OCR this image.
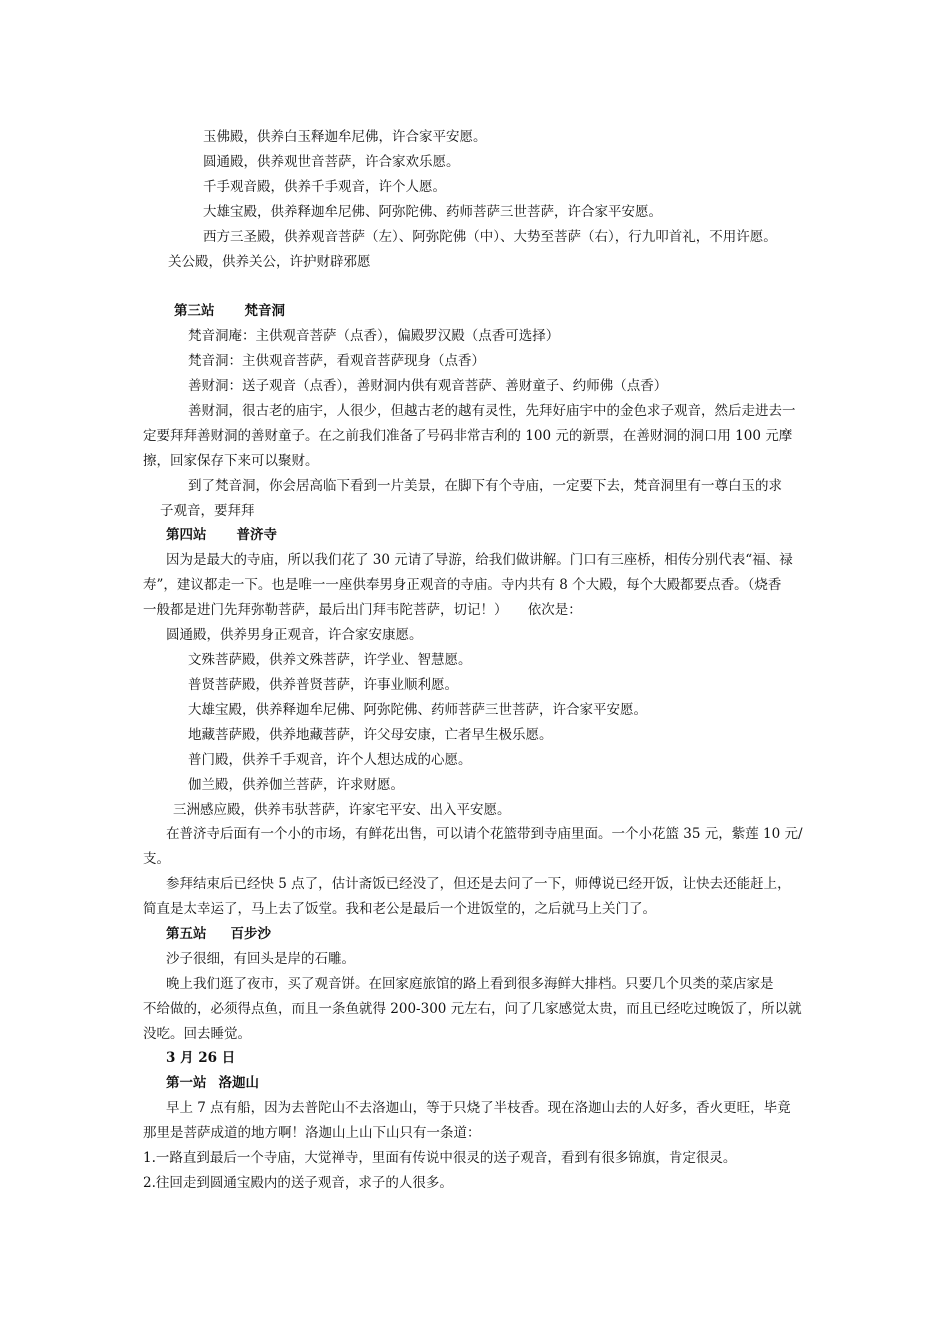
玉佛殿，供养白玉释迦牟尼佛，许合家平安愿。
圆通殿，供养观世音菩萨，许合家欢乐愿。
千手观音殿，供养千手观音，许个人愿。
大雄宝殿，供养释迦牟尼佛、阿弥陀佛、药师菩萨三世菩萨，许合家平安愿。
西方三圣殿，供养观音菩萨（左）、阿弥陀佛（中）、大势至菩萨（右），行九叩首礼，不用许愿。
关公殿，供养关公，许护财辟邪愿
第三站 梵音洞
梵音洞庵：主供观音菩萨（点香），偏殿罗汉殿（点香可选择）
梵音洞：主供观音菩萨，看观音菩萨现身（点香）
善财洞：送子观音（点香），善财洞内供有观音菩萨、善财童子、约师佛（点香）
善财洞，很古老的庙宇，人很少，但越古老的越有灵性，先拜好庙宇中的金色求子观音，然后走进去一
定要拜拜善财洞的善财童子。在之前我们准备了号码非常吉利的 100 元的新票，在善财洞的洞口用 100 元摩
擦，回家保存下来可以聚财。
到了梵音洞，你会居高临下看到一片美景，在脚下有个寺庙，一定要下去，梵音洞里有一尊白玉的求
子观音，要拜拜
第四站 普济寺
因为是最大的寺庙，所以我们花了 30 元请了导游，给我们做讲解。门口有三座桥，相传分别代表“福、禄
寿”，建议都走一下。也是唯一一座供奉男身正观音的寺庙。寺内共有 8 个大殿，每个大殿都要点香。（烧香
一般都是进门先拜弥勒菩萨，最后出门拜韦陀菩萨，切记！）　　依次是：
圆通殿，供养男身正观音，许合家安康愿。
文殊菩萨殿，供养文殊菩萨，许学业、智慧愿。
普贤菩萨殿，供养普贤菩萨，许事业顺利愿。
大雄宝殿，供养释迦牟尼佛、阿弥陀佛、药师菩萨三世菩萨，许合家平安愿。
地藏菩萨殿，供养地藏菩萨，许父母安康，亡者早生极乐愿。
普门殿，供养千手观音，许个人想达成的心愿。
伽兰殿，供养伽兰菩萨，许求财愿。
三洲感应殿，供养韦驮菩萨，许家宅平安、出入平安愿。
在普济寺后面有一个小的市场，有鲜花出售，可以请个花篮带到寺庙里面。一个小花篮 35 元，紫莲 10 元/
支。
参拜结束后已经快 5 点了，估计斋饭已经没了，但还是去问了一下，师傅说已经开饭，让快去还能赶上，
简直是太幸运了，马上去了饭堂。我和老公是最后一个进饭堂的，之后就马上关门了。
第五站 百步沙
沙子很细，有回头是岸的石雕。
晚上我们逛了夜市，买了观音饼。在回家庭旅馆的路上看到很多海鲜大排档。只要几个贝类的菜店家是
不给做的，必须得点鱼，而且一条鱼就得 200-300 元左右，问了几家感觉太贵，而且已经吃过晚饭了，所以就
没吃。回去睡觉。
3 月 26 日
第一站 洛迦山
早上 7 点有船，因为去普陀山不去洛迦山，等于只烧了半枝香。现在洛迦山去的人好多，香火更旺，毕竟
那里是菩萨成道的地方啊！洛迦山上山下山只有一条道：
1.一路直到最后一个寺庙，大觉禅寺，里面有传说中很灵的送子观音，看到有很多锦旗，肯定很灵。
2.往回走到圆通宝殿内的送子观音，求子的人很多。
